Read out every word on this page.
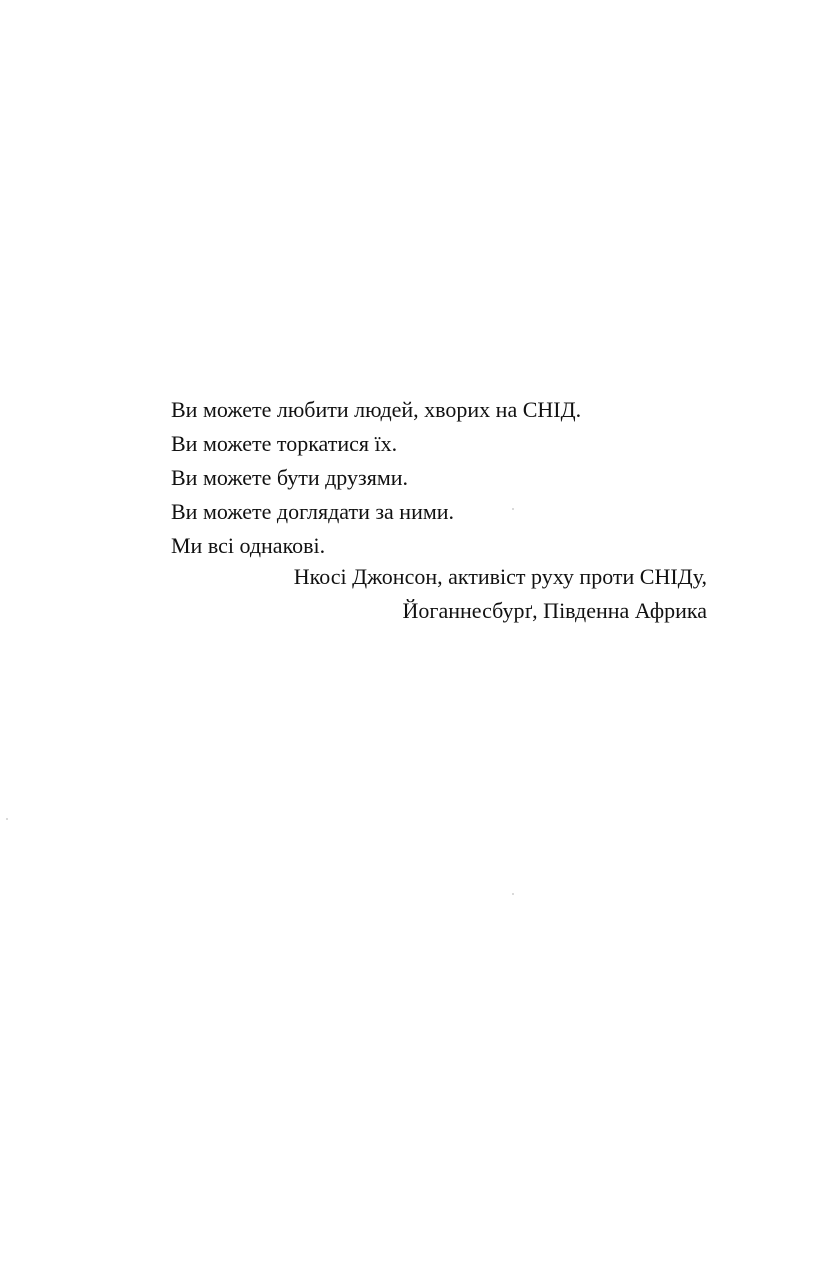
Ви можете любити людей, хворих на СНІД.
Ви можете торкатися їх.
Ви можете бути друзями.
Ви можете доглядати за ними.
Ми всі однакові.
Нкосі Джонсон, активіст руху проти СНІДу,
Йоганнесбурґ, Південна Африка
